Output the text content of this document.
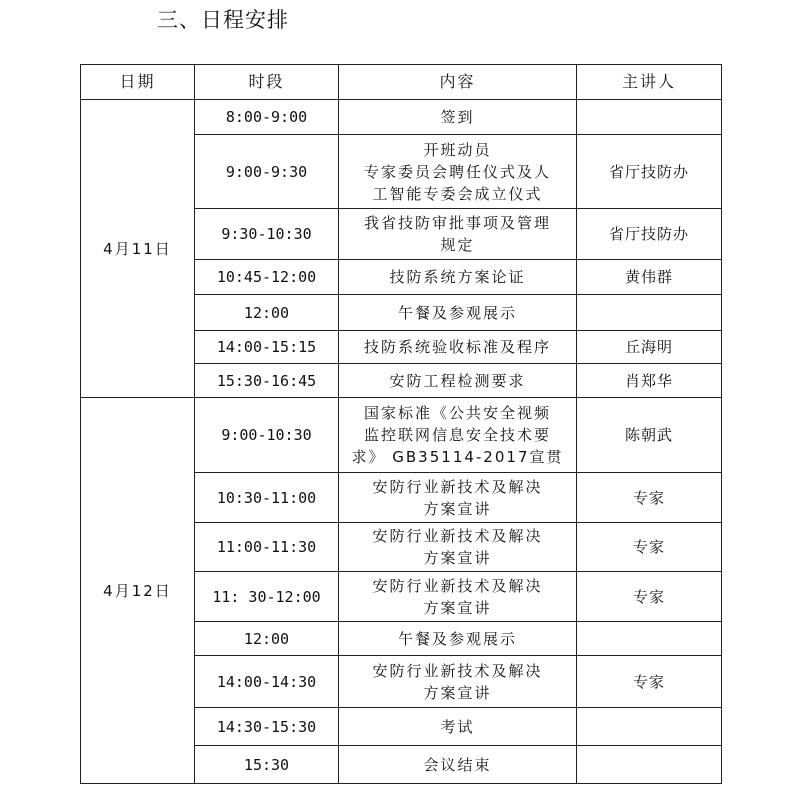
三、日程安排
日期	时段	内容	主讲人
4月11日	8:00-9:00	签到	

	9:00-9:30	开班动员
专家委员会聘任仪式及人
工智能专委会成立仪式	省厅技防办
	9:30-10:30	我省技防审批事项及管理
规定	省厅技防办
	10:45-12:00	技防系统方案论证	黄伟群
	12:00	午餐及参观展示	

	14:00-15:15	技防系统验收标准及程序	丘海明
	15:30-16:45	安防工程检测要求	肖郑华
4月12日	9:00-10:30	国家标准《公共安全视频
监控联网信息安全技术要
求》 GB35114-2017宣贯	陈朝武
	10:30-11:00	安防行业新技术及解决
方案宣讲	专家
	11:00-11:30	安防行业新技术及解决
方案宣讲	专家
	11: 30-12:00	安防行业新技术及解决
方案宣讲	专家
	12:00	午餐及参观展示	

	14:00-14:30	安防行业新技术及解决
方案宣讲	专家
	14:30-15:30	考试	

	15:30	会议结束	
